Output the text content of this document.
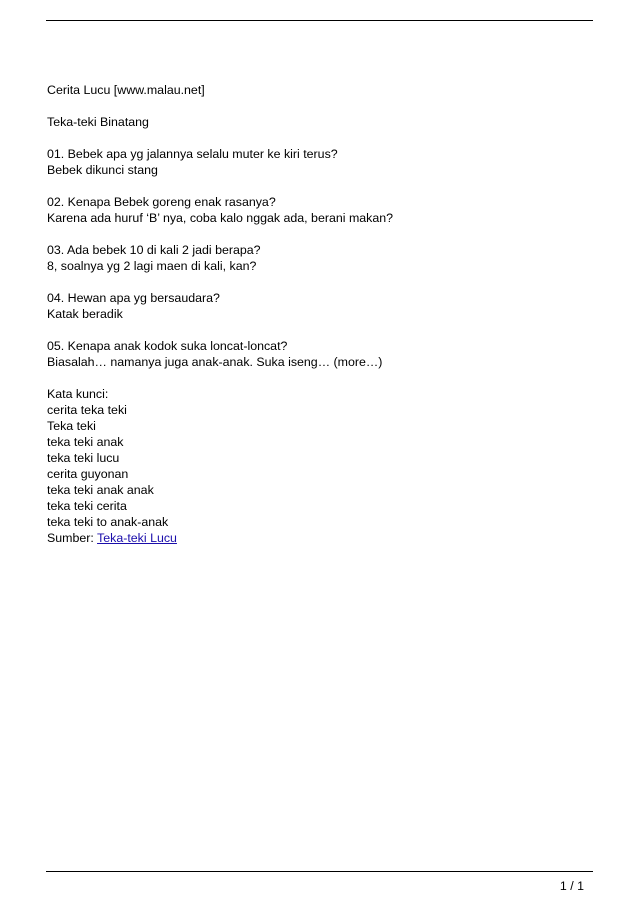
Cerita Lucu [www.malau.net]
Teka-teki Binatang
01. Bebek apa yg jalannya selalu muter ke kiri terus?
Bebek dikunci stang
02. Kenapa Bebek goreng enak rasanya?
Karena ada huruf ‘B’ nya, coba kalo nggak ada, berani makan?
03. Ada bebek 10 di kali 2 jadi berapa?
8, soalnya yg 2 lagi maen di kali, kan?
04. Hewan apa yg bersaudara?
Katak beradik
05. Kenapa anak kodok suka loncat-loncat?
Biasalah… namanya juga anak-anak. Suka iseng… (more…)
Kata kunci:
cerita teka teki
Teka teki
teka teki anak
teka teki lucu
cerita guyonan
teka teki anak anak
teka teki cerita
teka teki to anak-anak
Sumber: Teka-teki Lucu
1 / 1
